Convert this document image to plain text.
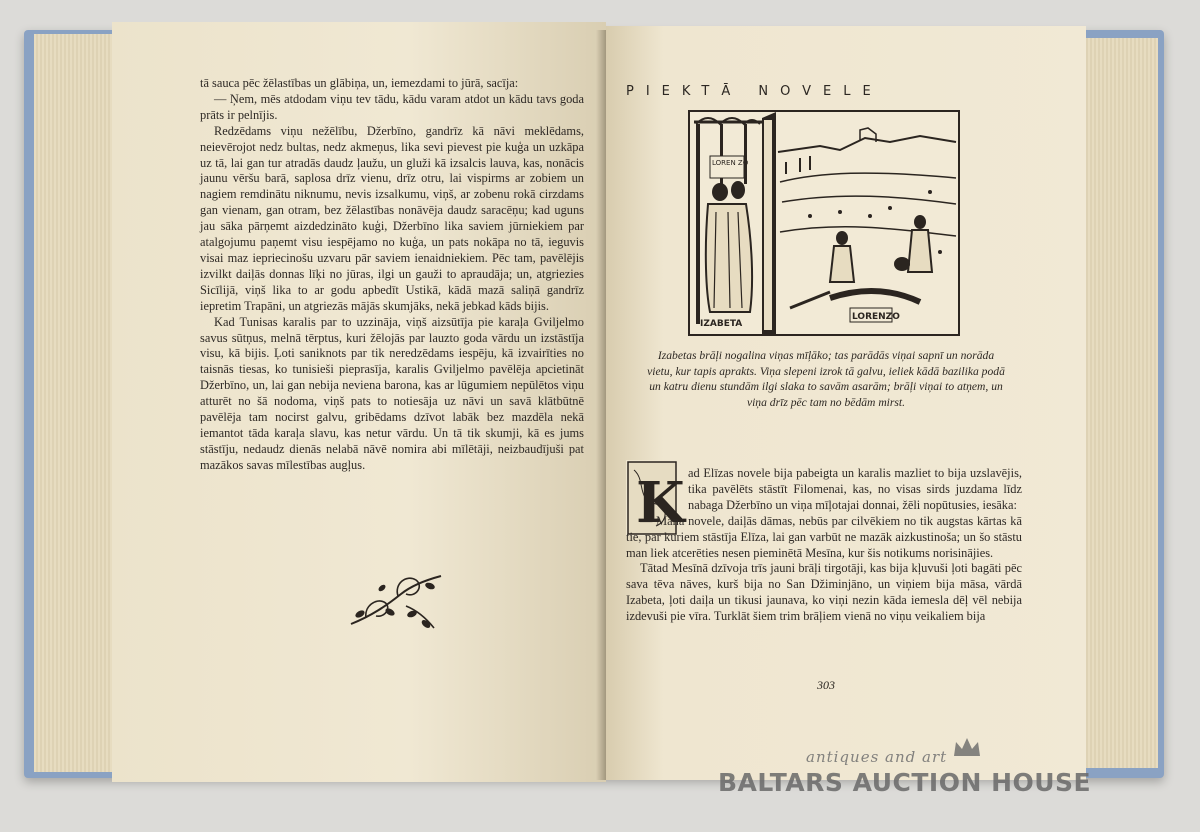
tā sauca pēc žēlastības un glābiņa, un, iemezdami to jūrā, sacīja:

— Ņem, mēs atdodam viņu tev tādu, kādu varam atdot un kādu tavs goda prāts ir pelnījis.

Redzēdams viņu nežēlību, Džerbīno, gandrīz kā nāvi meklēdams, neievērojot nedz bultas, nedz akmeņus, lika sevi pievest pie kuģa un uzkāpa uz tā, lai gan tur atradās daudz ļaužu, un gluži kā izsalcis lauva, kas, nonācis jaunu vēršu barā, saplosa drīz vienu, drīz otru, lai vispirms ar zobiem un nagiem remdinātu niknumu, nevis izsalkumu, viņš, ar zobenu rokā cirzdams gan vienam, gan otram, bez žēlastības nonāvēja daudz saracēņu; kad uguns jau sāka pārņemt aizdedzināto kuģi, Džerbīno lika saviem jūrniekiem par atalgojumu paņemt visu iespējamo no kuģa, un pats nokāpa no tā, ieguvis visai maz iepriecinošu uzvaru pār saviem ienaidniekiem. Pēc tam, pavēlējis izvilkt daiļās donnas līķi no jūras, ilgi un gauži to apraudāja; un, atgriezies Sicīlijā, viņš lika to ar godu apbedīt Ustikā, kādā mazā saliņā gandrīz iepretim Trapāni, un atgriezās mājās skumjāks, nekā jebkad kāds bijis.

Kad Tunisas karalis par to uzzināja, viņš aizsūtīja pie karaļa Gviljelmo savus sūtņus, melnā tērptus, kuri žēlojās par lauzto goda vārdu un izstāstīja visu, kā bijis. Ļoti saniknots par tik neredzēdams iespēju, kā izvairīties no taisnās tiesas, ko tunisieši pieprasīja, karalis Gviljelmo pavēlēja apcietināt Džerbīno, un, lai gan nebija neviena barona, kas ar lūgumiem nepūlētos viņu atturēt no šā nodoma, viņš pats to notiesāja uz nāvi un savā klātbūtnē pavēlēja tam nocirst galvu, gribēdams dzīvot labāk bez mazdēla nekā iemantot tāda karaļa slavu, kas netur vārdu. Un tā tik skumji, kā es jums stāstīju, nedaudz dienās nelabā nāvē nomira abi mīlētāji, neizbaudījuši pat mazākos savas mīlestības augļus.

PIEKTĀ NOVELE
LOREN ZO
IZABETA
LORENZO
Izabetas brāļi nogalina viņas mīļāko; tas parādās viņai sapnī un norāda vietu, kur tapis aprakts. Viņa slepeni izrok tā galvu, ieliek kādā bazilika podā un katru dienu stundām ilgi slaka to savām asarām; brāļi viņai to atņem, un viņa drīz pēc tam no bēdām mirst.
K ad Elīzas novele bija pabeigta un karalis mazliet to bija uzslavējis, tika pavēlēts stāstīt Filomenai, kas, no visas sirds juzdama līdz nabaga Džerbīno un viņa mīļotajai donnai, žēli nopūtusies, iesāka:

— Mana novele, daiļās dāmas, nebūs par cilvēkiem no tik augstas kārtas kā tie, par kuriem stāstīja Elīza, lai gan varbūt ne mazāk aizkustinoša; un šo stāstu man liek atcerēties nesen pieminētā Mesīna, kur šis notikums norisinājies.

Tātad Mesīnā dzīvoja trīs jauni brāļi tirgotāji, kas bija kļuvuši ļoti bagāti pēc sava tēva nāves, kurš bija no San Džiminjāno, un viņiem bija māsa, vārdā Izabeta, ļoti daiļa un tikusi jaunava, ko viņi nezin kāda iemesla dēļ vēl nebija izdevuši pie vīra. Turklāt šiem trim brāļiem vienā no viņu veikaliem bija

303
antiques and art
BALTARS AUCTION HOUSE
